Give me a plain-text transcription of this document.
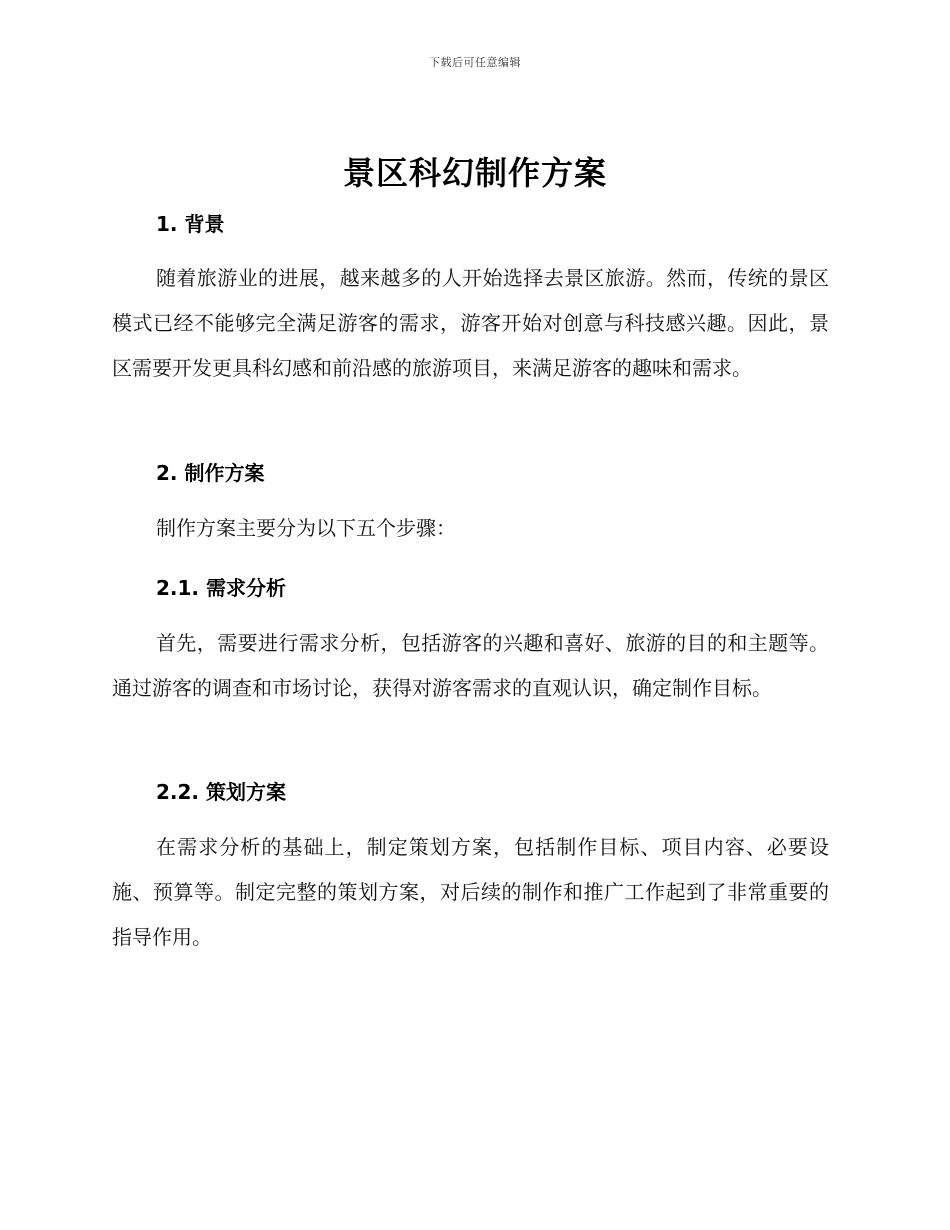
下载后可任意编辑
景区科幻制作方案
1. 背景

随着旅游业的进展，越来越多的人开始选择去景区旅游。然而，传统的景区模式已经不能够完全满足游客的需求，游客开始对创意与科技感兴趣。因此，景区需要开发更具科幻感和前沿感的旅游项目，来满足游客的趣味和需求。

2. 制作方案

制作方案主要分为以下五个步骤：

2.1. 需求分析

首先，需要进行需求分析，包括游客的兴趣和喜好、旅游的目的和主题等。通过游客的调查和市场讨论，获得对游客需求的直观认识，确定制作目标。

2.2. 策划方案

在需求分析的基础上，制定策划方案，包括制作目标、项目内容、必要设施、预算等。制定完整的策划方案，对后续的制作和推广工作起到了非常重要的指导作用。
